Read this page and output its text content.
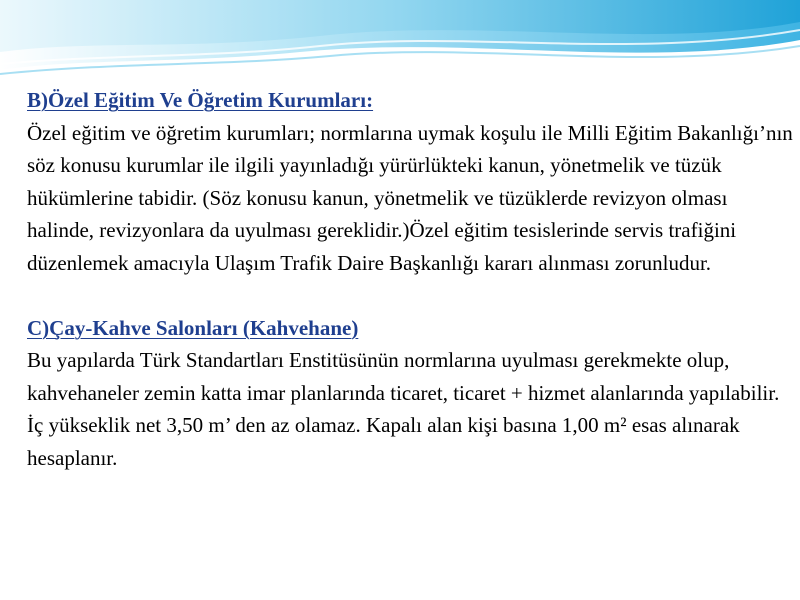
B)Özel Eğitim Ve Öğretim Kurumları:

Özel eğitim ve öğretim kurumları; normlarına uymak koşulu ile Milli Eğitim Bakanlığı’nın söz konusu kurumlar ile ilgili yayınladığı yürürlükteki kanun, yönetmelik ve tüzük hükümlerine tabidir. (Söz konusu kanun, yönetmelik ve tüzüklerde revizyon olması halinde, revizyonlara da uyulması gereklidir.)Özel eğitim tesislerinde servis trafiğini düzenlemek amacıyla Ulaşım Trafik Daire Başkanlığı kararı alınması zorunludur.

C)Çay-Kahve Salonları (Kahvehane)

Bu yapılarda Türk Standartları Enstitüsünün normlarına uyulması gerekmekte olup, kahvehaneler zemin katta imar planlarında ticaret, ticaret + hizmet alanlarında yapılabilir. İç yükseklik net 3,50 m’ den az olamaz. Kapalı alan kişi basına 1,00 m² esas alınarak hesaplanır.
